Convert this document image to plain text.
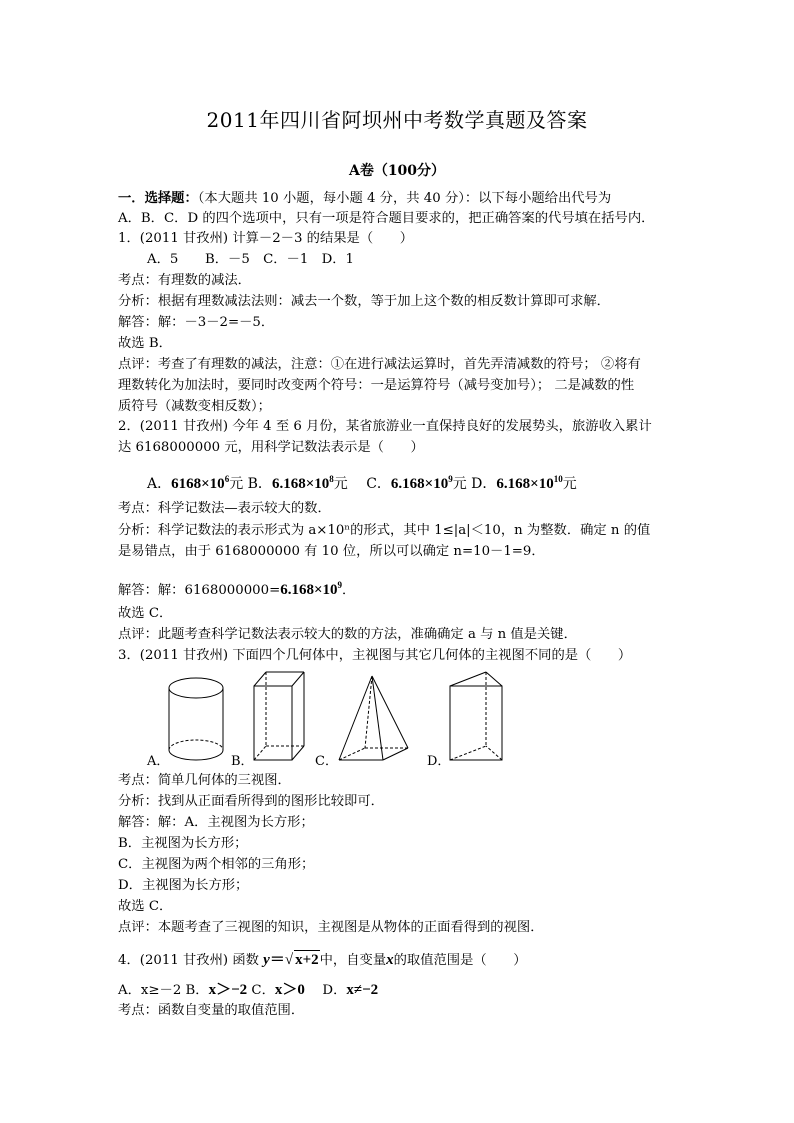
2011年四川省阿坝州中考数学真题及答案
A卷（100分）
一．选择题：（本大题共 10 小题，每小题 4 分，共 40 分）：以下每小题给出代号为
A．B．C．D 的四个选项中，只有一项是符合题目要求的，把正确答案的代号填在括号内．
1．(2011 甘孜州) 计算－2－3 的结果是（　　）
A．5　　B．－5　C．－1　D．1
考点：有理数的减法．
分析：根据有理数减法法则：减去一个数，等于加上这个数的相反数计算即可求解．
解答：解：－3－2=－5．
故选 B．
点评：考查了有理数的减法，注意：①在进行减法运算时，首先弄清减数的符号； ②将有
理数转化为加法时，要同时改变两个符号：一是运算符号（减号变加号）； 二是减数的性
质符号（减数变相反数）；
2．(2011 甘孜州) 今年 4 至 6 月份，某省旅游业一直保持良好的发展势头，旅游收入累计
达 6168000000 元，用科学记数法表示是（　　）
A．$6168\times 10^6$元 B．$6.168\times 10^8$元　 C．$6.168\times 10^9$元 D．$6.168\times 10^{10}$元
考点：科学记数法—表示较大的数．
分析：科学记数法的表示形式为 a×10ⁿ的形式，其中 1≤|a|＜10，n 为整数．确定 n 的值
是易错点，由于 6168000000 有 10 位，所以可以确定 n=10－1=9．
解答：解：$6168000000=6.168\times 10^9$．
故选 C．
点评：此题考查科学记数法表示较大的数的方法，准确确定 a 与 n 值是关键．
3．(2011 甘孜州) 下面四个几何体中，主视图与其它几何体的主视图不同的是（　　）
A．	B．	C．	D．
考点：简单几何体的三视图．
分析：找到从正面看所得到的图形比较即可．
解答：解：A．主视图为长方形；
B．主视图为长方形；
C．主视图为两个相邻的三角形；
D．主视图为长方形；
故选 C．
点评：本题考查了三视图的知识，主视图是从物体的正面看得到的视图．
4．(2011 甘孜州) 函数 y＝√ x+2中，自变量x的取值范围是（　　）
A．x≥－2 B．x＞−2 C．x＞0 　 D．x≠−2
考点：函数自变量的取值范围．
